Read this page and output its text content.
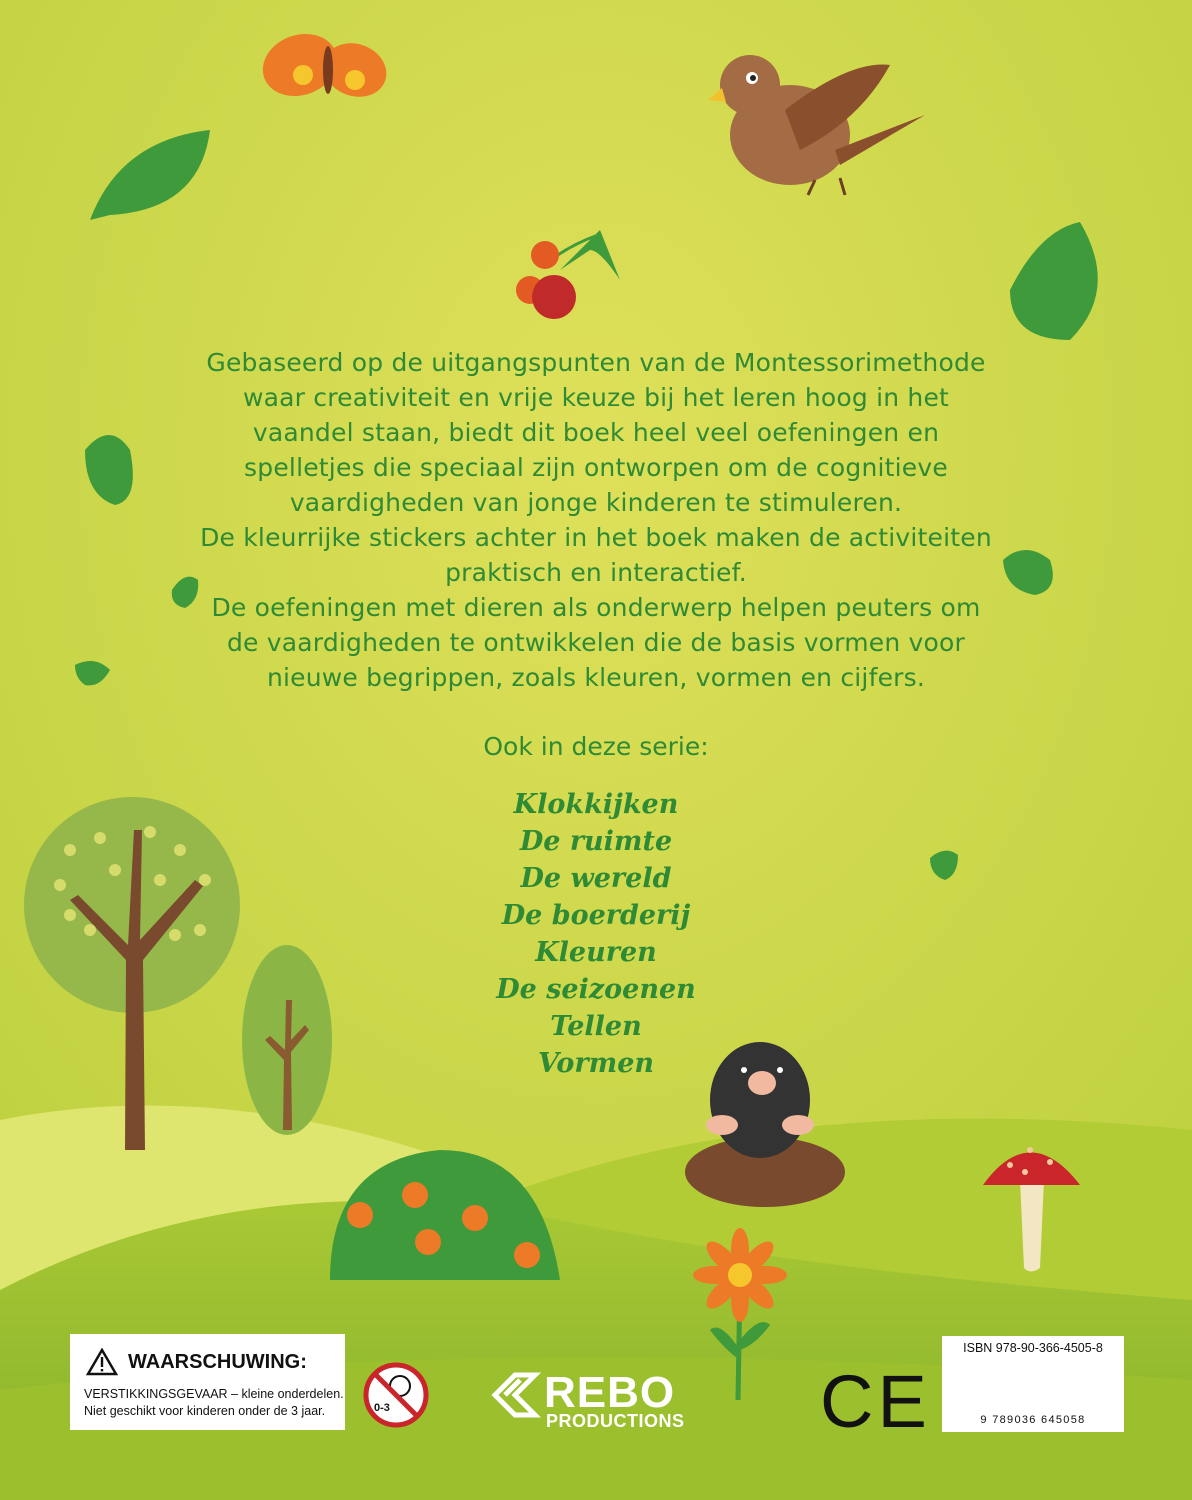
Gebaseerd op de uitgangspunten van de Montessorimethode
waar creativiteit en vrije keuze bij het leren hoog in het
vaandel staan, biedt dit boek heel veel oefeningen en
spelletjes die speciaal zijn ontworpen om de cognitieve
vaardigheden van jonge kinderen te stimuleren.
De kleurrijke stickers achter in het boek maken de activiteiten
praktisch en interactief.
De oefeningen met dieren als onderwerp helpen peuters om
de vaardigheden te ontwikkelen die de basis vormen voor
nieuwe begrippen, zoals kleuren, vormen en cijfers.
Ook in deze serie:
Klokkijken
De ruimte
De wereld
De boerderij
Kleuren
De seizoenen
Tellen
Vormen
WAARSCHUWING:
VERSTIKKINGSGEVAAR – kleine onderdelen.
Niet geschikt voor kinderen onder de 3 jaar.	0-3	REBO
PRODUCTIONS CE
ISBN 978-90-366-4505-8
9 789036 645058
